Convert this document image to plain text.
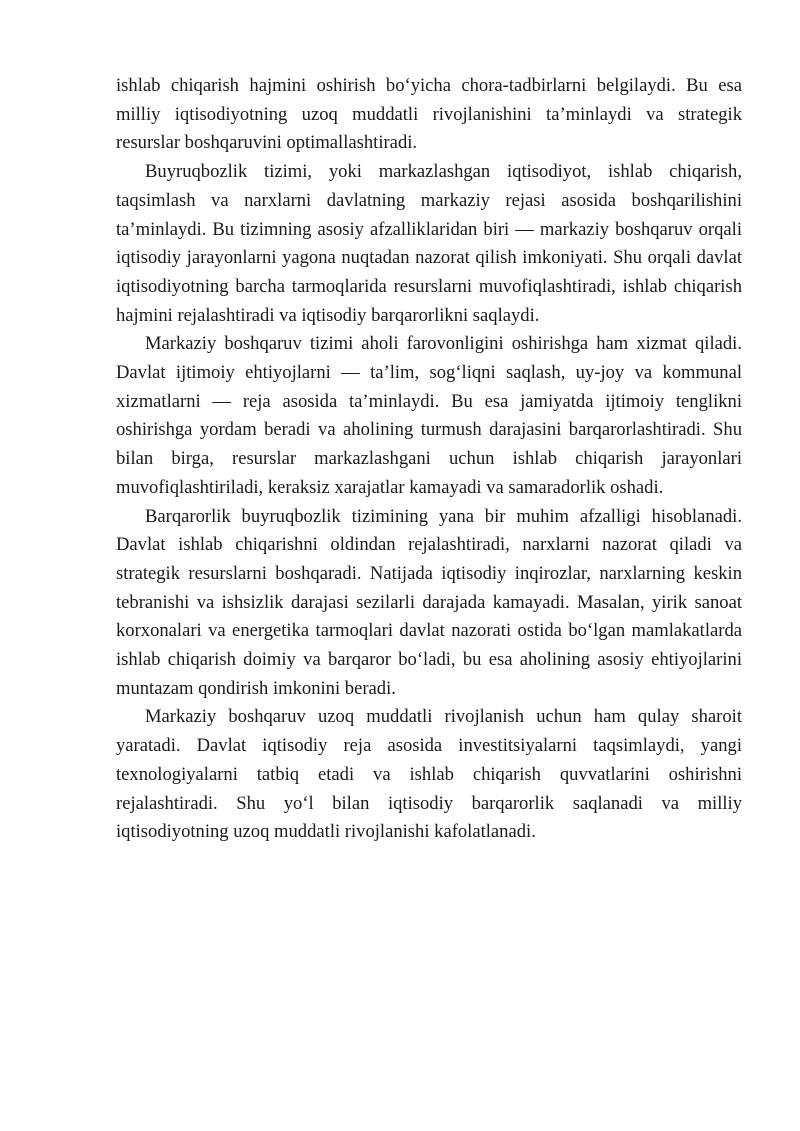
ishlab chiqarish hajmini oshirish boʻyicha chora-tadbirlarni belgilaydi. Bu esa milliy iqtisodiyotning uzoq muddatli rivojlanishini taʼminlaydi va strategik resurslar boshqaruvini optimallashtiradi.

Buyruqbozlik tizimi, yoki markazlashgan iqtisodiyot, ishlab chiqarish, taqsimlash va narxlarni davlatning markaziy rejasi asosida boshqarilishini taʼminlaydi. Bu tizimning asosiy afzalliklaridan biri — markaziy boshqaruv orqali iqtisodiy jarayonlarni yagona nuqtadan nazorat qilish imkoniyati. Shu orqali davlat iqtisodiyotning barcha tarmoqlarida resurslarni muvofiqlashtiradi, ishlab chiqarish hajmini rejalashtiradi va iqtisodiy barqarorlikni saqlaydi.

Markaziy boshqaruv tizimi aholi farovonligini oshirishga ham xizmat qiladi. Davlat ijtimoiy ehtiyojlarni — taʼlim, sogʻliqni saqlash, uy-joy va kommunal xizmatlarni — reja asosida taʼminlaydi. Bu esa jamiyatda ijtimoiy tenglikni oshirishga yordam beradi va aholining turmush darajasini barqarorlashtiradi. Shu bilan birga, resurslar markazlashgani uchun ishlab chiqarish jarayonlari muvofiqlashtiriladi, keraksiz xarajatlar kamayadi va samaradorlik oshadi.

Barqarorlik buyruqbozlik tizimining yana bir muhim afzalligi hisoblanadi. Davlat ishlab chiqarishni oldindan rejalashtiradi, narxlarni nazorat qiladi va strategik resurslarni boshqaradi. Natijada iqtisodiy inqirozlar, narxlarning keskin tebranishi va ishsizlik darajasi sezilarli darajada kamayadi. Masalan, yirik sanoat korxonalari va energetika tarmoqlari davlat nazorati ostida boʻlgan mamlakatlarda ishlab chiqarish doimiy va barqaror boʻladi, bu esa aholining asosiy ehtiyojlarini muntazam qondirish imkonini beradi.

Markaziy boshqaruv uzoq muddatli rivojlanish uchun ham qulay sharoit yaratadi. Davlat iqtisodiy reja asosida investitsiyalarni taqsimlaydi, yangi texnologiyalarni tatbiq etadi va ishlab chiqarish quvvatlarini oshirishni rejalashtiradi. Shu yoʻl bilan iqtisodiy barqarorlik saqlanadi va milliy iqtisodiyotning uzoq muddatli rivojlanishi kafolatlanadi.
